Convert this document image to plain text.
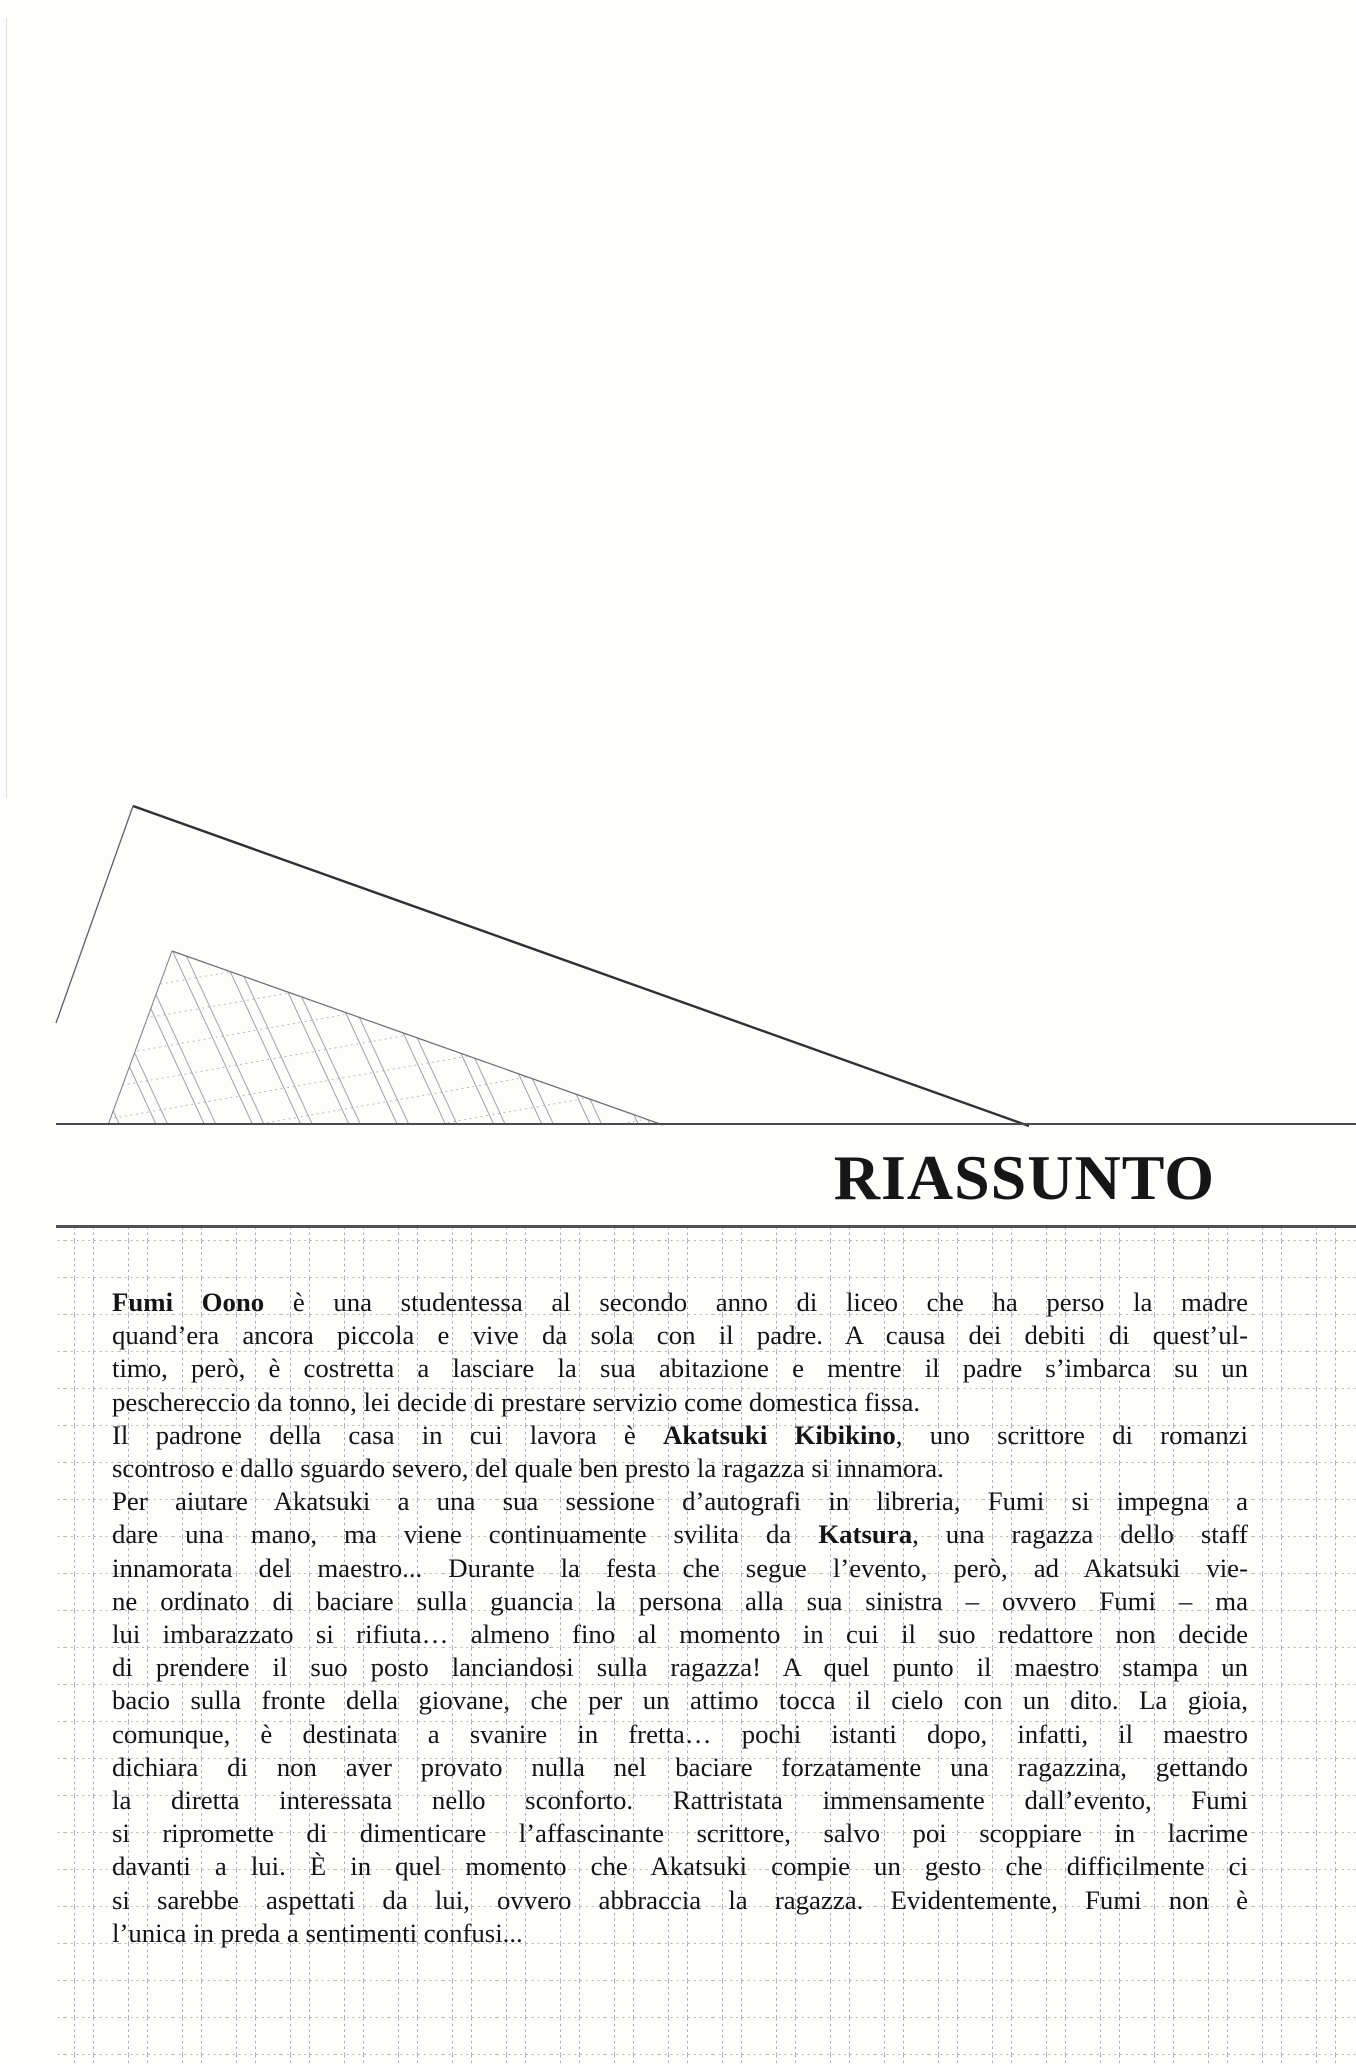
RIASSUNTO
Fumi Oono è una studentessa al secondo anno di liceo che ha perso la madre
quand’era ancora piccola e vive da sola con il padre. A causa dei debiti di quest’ul-
timo, però, è costretta a lasciare la sua abitazione e mentre il padre s’imbarca su un
peschereccio da tonno, lei decide di prestare servizio come domestica fissa.
Il padrone della casa in cui lavora è Akatsuki Kibikino, uno scrittore di romanzi
scontroso e dallo sguardo severo, del quale ben presto la ragazza si innamora.
Per aiutare Akatsuki a una sua sessione d’autografi in libreria, Fumi si impegna a
dare una mano, ma viene continuamente svilita da Katsura, una ragazza dello staff
innamorata del maestro... Durante la festa che segue l’evento, però, ad Akatsuki vie-
ne ordinato di baciare sulla guancia la persona alla sua sinistra – ovvero Fumi – ma
lui imbarazzato si rifiuta… almeno fino al momento in cui il suo redattore non decide
di prendere il suo posto lanciandosi sulla ragazza! A quel punto il maestro stampa un
bacio sulla fronte della giovane, che per un attimo tocca il cielo con un dito. La gioia,
comunque, è destinata a svanire in fretta… pochi istanti dopo, infatti, il maestro
dichiara di non aver provato nulla nel baciare forzatamente una ragazzina, gettando
la diretta interessata nello sconforto. Rattristata immensamente dall’evento, Fumi
si ripromette di dimenticare l’affascinante scrittore, salvo poi scoppiare in lacrime
davanti a lui. È in quel momento che Akatsuki compie un gesto che difficilmente ci
si sarebbe aspettati da lui, ovvero abbraccia la ragazza. Evidentemente, Fumi non è
l’unica in preda a sentimenti confusi...
